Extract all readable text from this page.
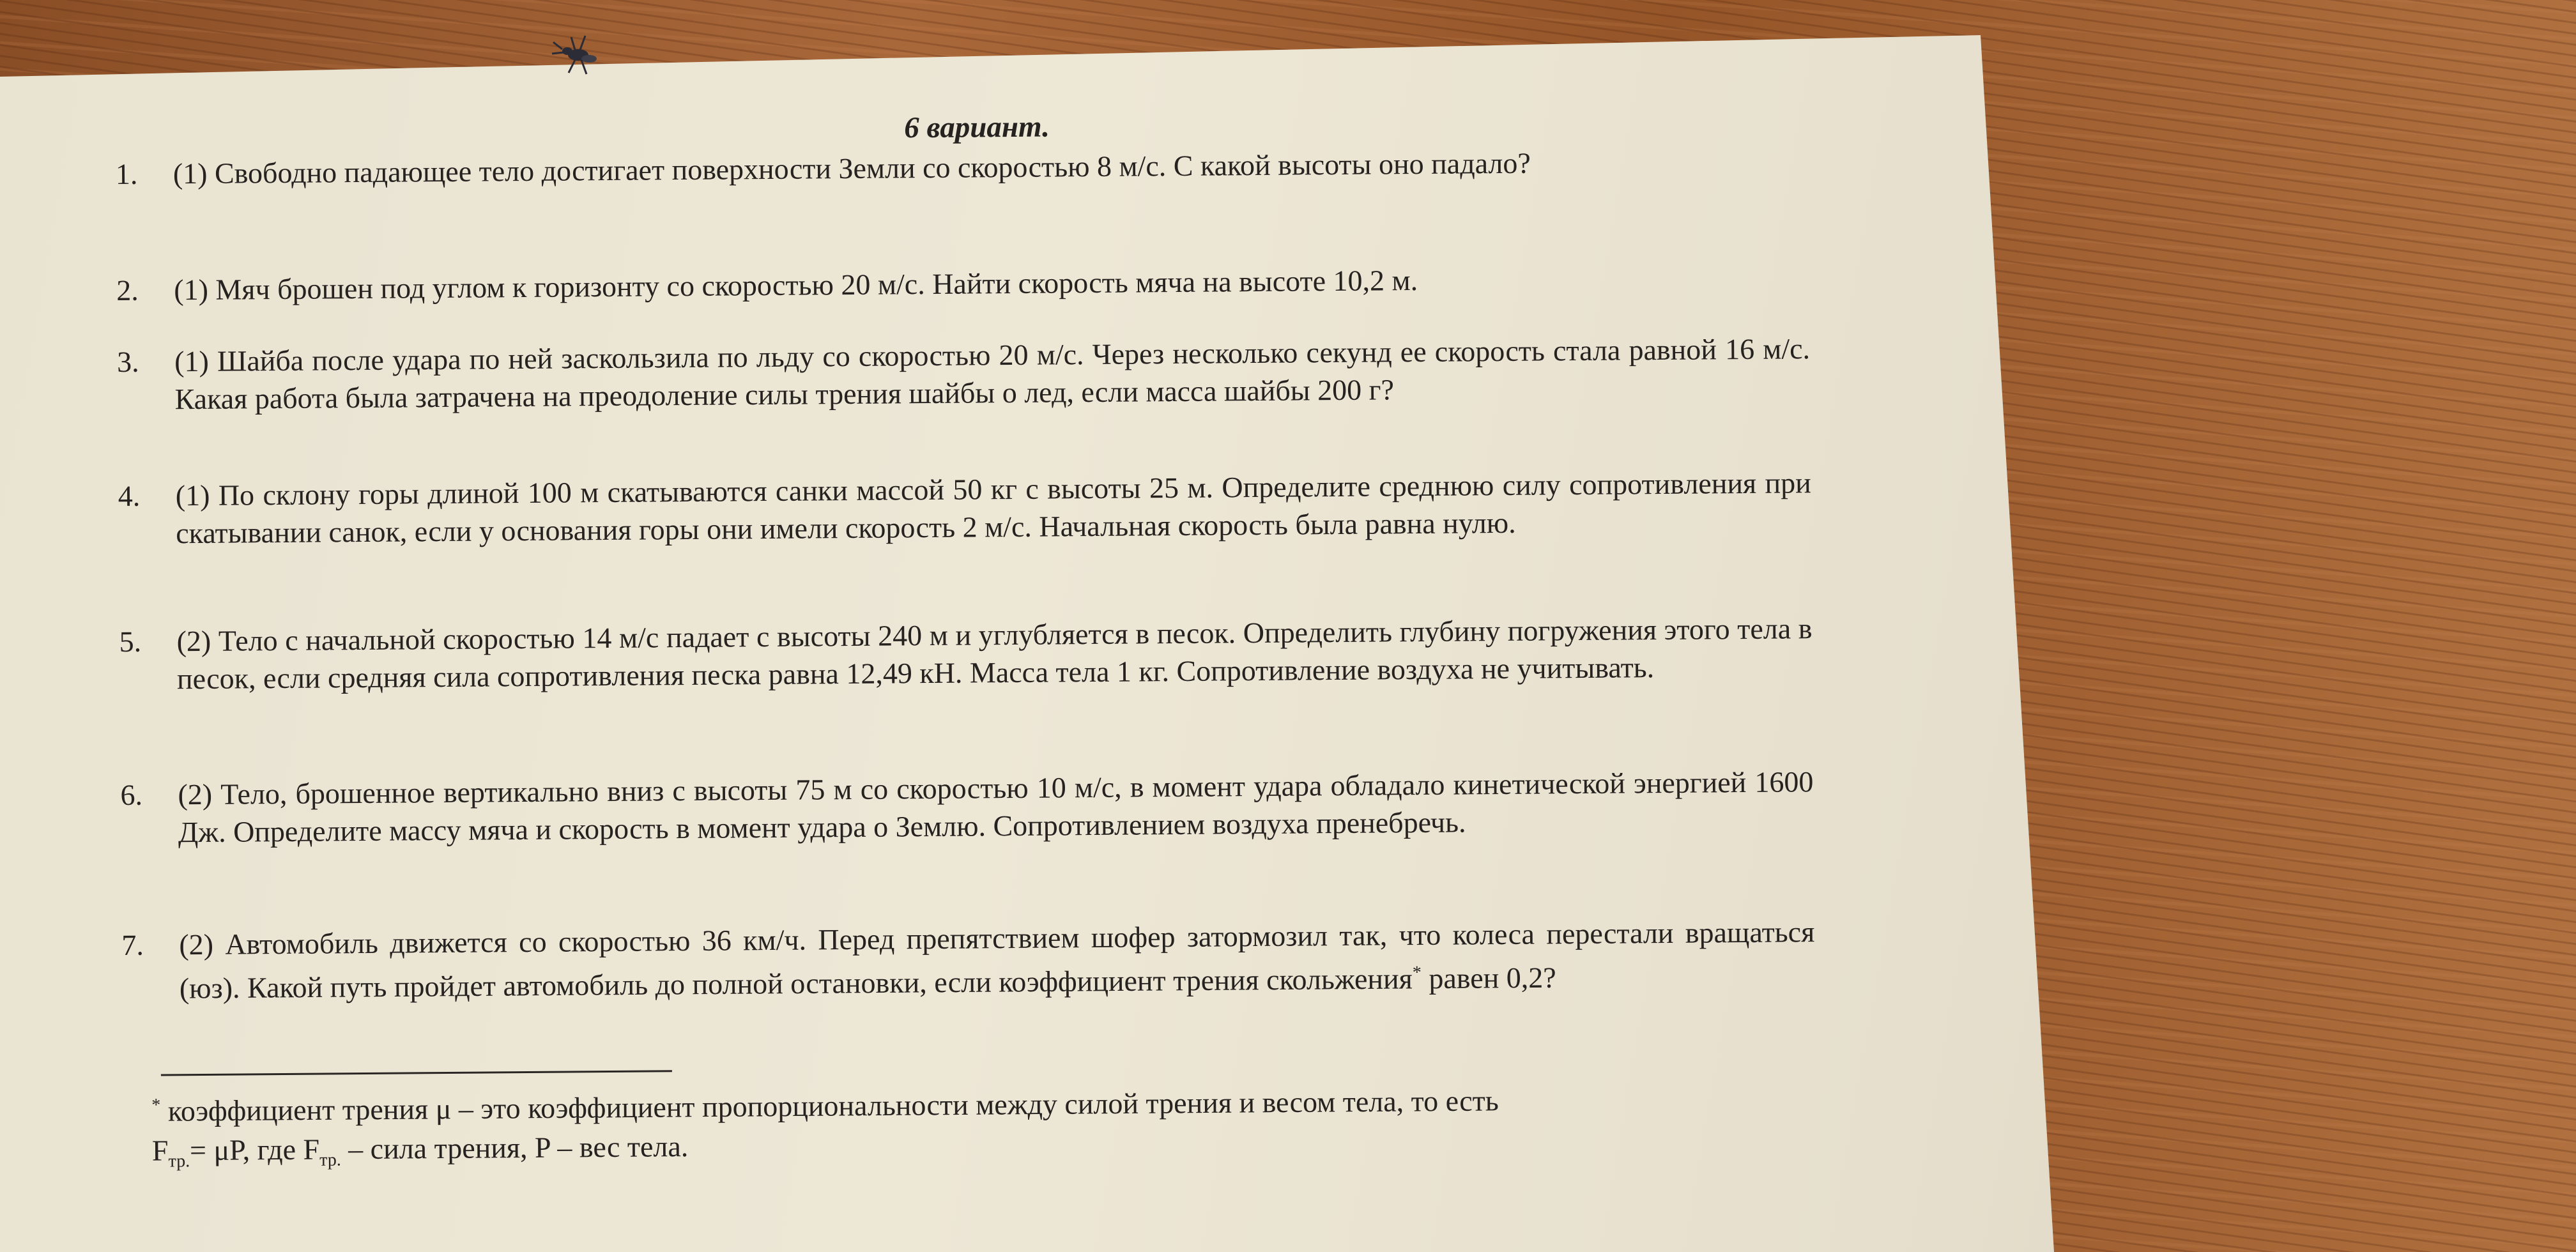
6 вариант.
1. (1) Свободно падающее тело достигает поверхности Земли со скоростью 8 м/с. С какой высоты оно падало?
2. (1) Мяч брошен под углом к горизонту со скоростью 20 м/с. Найти скорость мяча на высоте 10,2 м.
3. (1) Шайба после удара по ней заскользила по льду со скоростью 20 м/с. Через несколько секунд ее скорость стала равной 16 м/с. Какая работа была затрачена на преодоление силы трения шайбы о лед, если масса шайбы 200 г?
4. (1) По склону горы длиной 100 м скатываются санки массой 50 кг с высоты 25 м. Определите среднюю силу сопротивления при скатывании санок, если у основания горы они имели скорость 2 м/с. Начальная скорость была равна нулю.
5. (2) Тело с начальной скоростью 14 м/с падает с высоты 240 м и углубляется в песок. Определить глубину погружения этого тела в песок, если средняя сила сопротивления песка равна 12,49 кН. Масса тела 1 кг. Сопротивление воздуха не учитывать.
6. (2) Тело, брошенное вертикально вниз с высоты 75 м со скоростью 10 м/с, в момент удара обладало кинетической энергией 1600 Дж. Определите массу мяча и скорость в момент удара о Землю. Сопротивлением воздуха пренебречь.
7. (2) Автомобиль движется со скоростью 36 км/ч. Перед препятствием шофер затормозил так, что колеса перестали вращаться (юз). Какой путь пройдет автомобиль до полной остановки, если коэффициент трения скольжения* равен 0,2?
* коэффициент трения μ – это коэффициент пропорциональности между силой трения и весом тела, то есть
$F_{тр.}= \mu P$, где $F_{тр.}$ – сила трения, P – вес тела.
